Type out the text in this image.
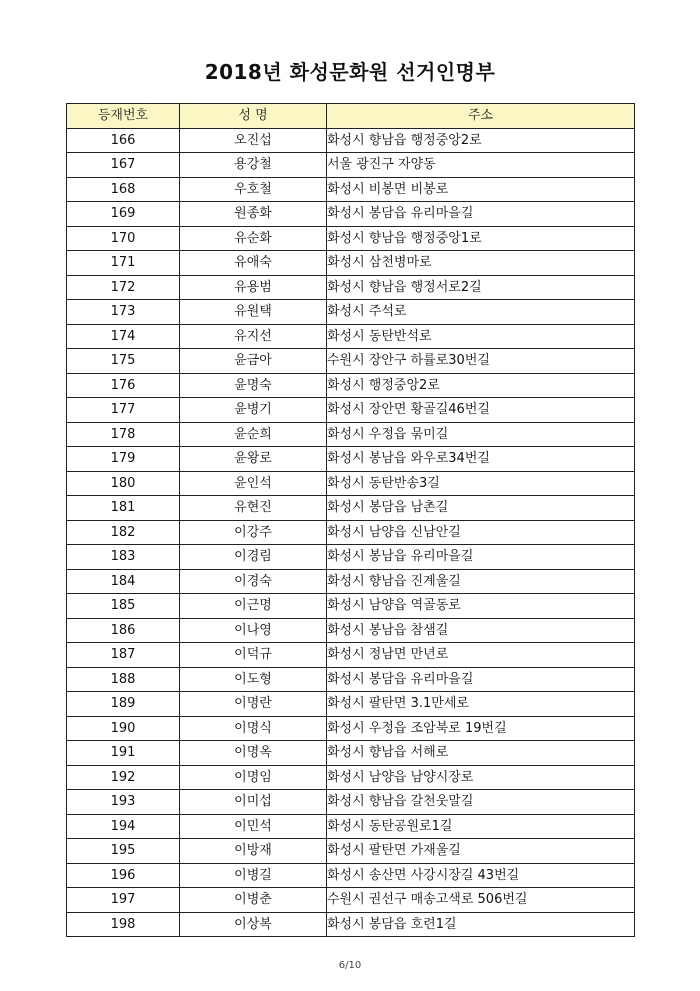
2018년 화성문화원 선거인명부
등재번호	성 명	주소
166	오진섭	화성시 향남읍 행정중앙2로
167	용강철	서울 광진구 자양동
168	우호철	화성시 비봉면 비봉로
169	원종화	화성시 봉담읍 유리마을길
170	유순화	화성시 향남읍 행정중앙1로
171	유애숙	화성시 삼천병마로
172	유용범	화성시 향남읍 행정서로2길
173	유원택	화성시 주석로
174	유지선	화성시 동탄반석로
175	윤금아	수원시 장안구 하률로30번길
176	윤명숙	화성시 행정중앙2로
177	윤병기	화성시 장안면 황골길46번길
178	윤순희	화성시 우정읍 묶미길
179	윤왕로	화성시 봉남읍 와우로34번길
180	윤인석	화성시 동탄반송3길
181	유현진	화성시 봉담읍 남촌길
182	이강주	화성시 남양읍 신남안길
183	이경림	화성시 봉남읍 유리마을길
184	이경숙	화성시 향남읍 진계울길
185	이근명	화성시 남양읍 역골동로
186	이나영	화성시 봉남읍 참샘길
187	이덕규	화성시 정남면 만년로
188	이도형	화성시 봉담읍 유리마을길
189	이명란	화성시 팔탄면 3.1만세로
190	이명식	화성시 우정읍 조암북로 19번길
191	이명옥	화성시 향남읍 서해로
192	이명임	화성시 남양읍 남양시장로
193	이미섭	화성시 향남읍 갈천웃말길
194	이민석	화성시 동탄공원로1길
195	이방재	화성시 팔탄면 가재울길
196	이병길	화성시 송산면 사강시장길 43번길
197	이병춘	수원시 권선구 매송고색로 506번길
198	이상복	화성시 봉담읍 호련1길
6/10
